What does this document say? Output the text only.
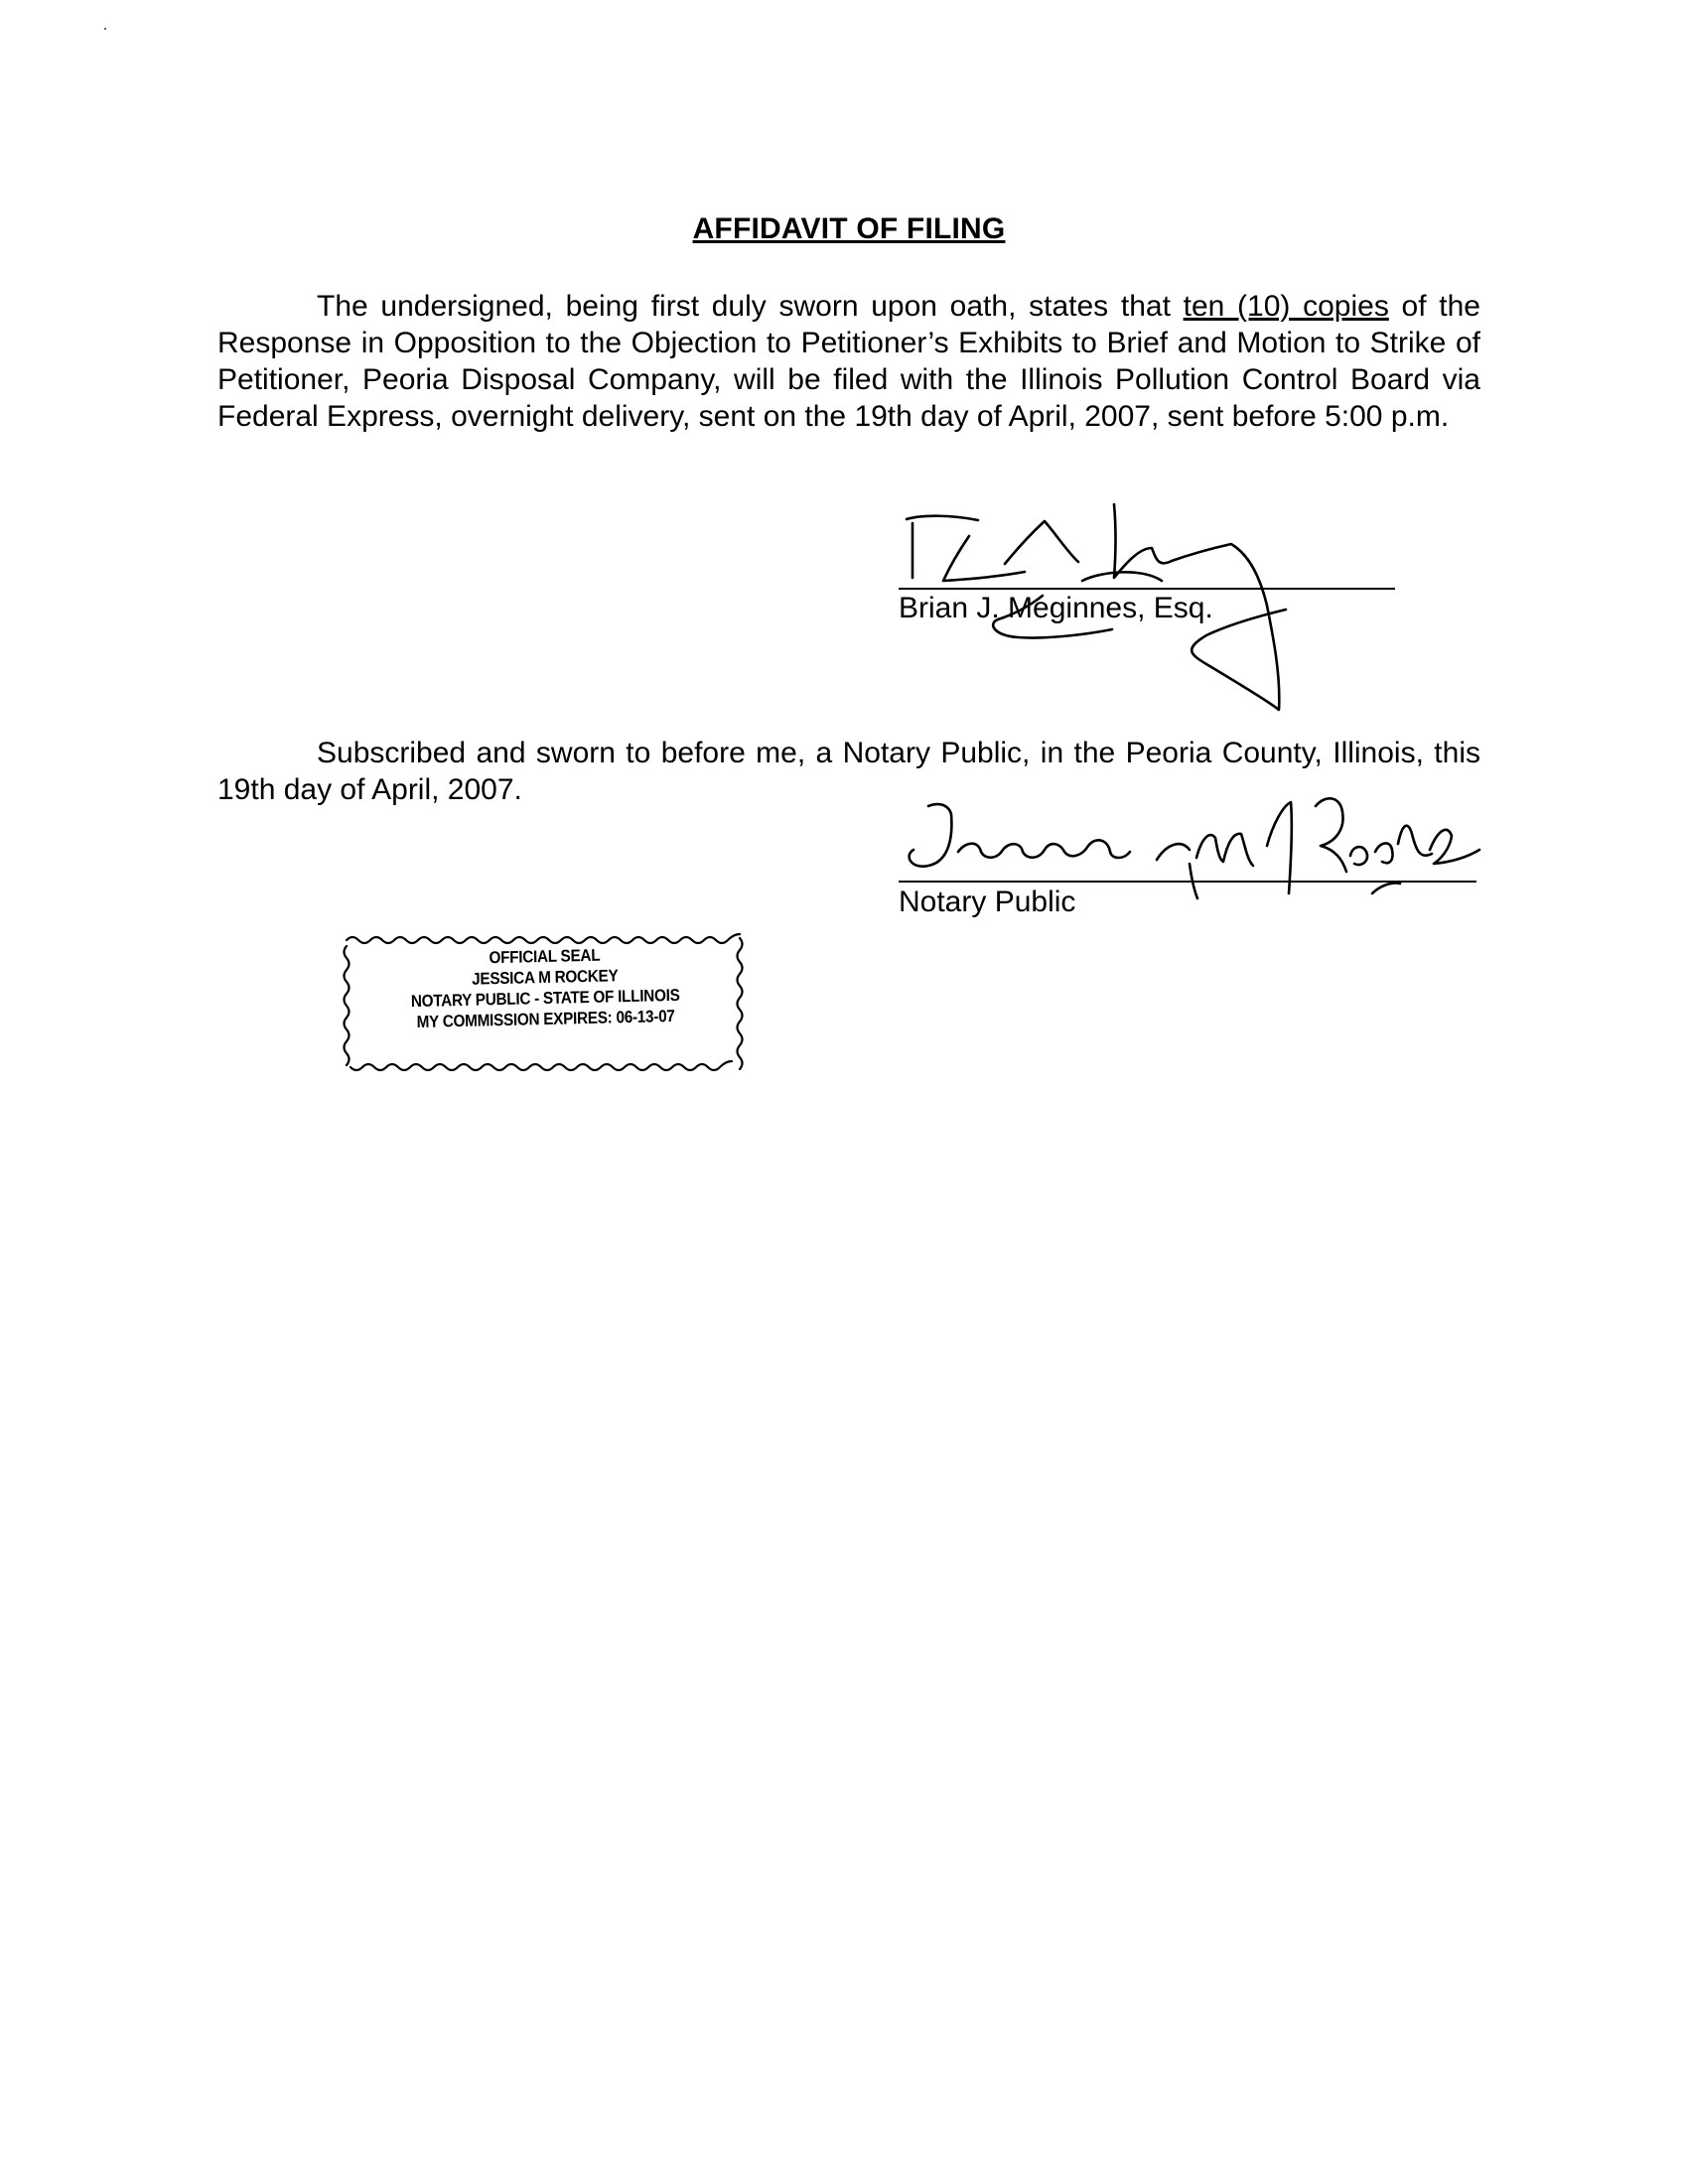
AFFIDAVIT OF FILING
The undersigned, being first duly sworn upon oath, states that ten (10) copies of the Response in Opposition to the Objection to Petitioner’s Exhibits to Brief and Motion to Strike of Petitioner, Peoria Disposal Company, will be filed with the Illinois Pollution Control Board via Federal Express, overnight delivery, sent on the 19th day of April, 2007, sent before 5:00 p.m.
Brian J. Meginnes, Esq.
Subscribed and sworn to before me, a Notary Public, in the Peoria County, Illinois, this 19th day of April, 2007.
Notary Public
OFFICIAL SEAL
JESSICA M ROCKEY
NOTARY PUBLIC - STATE OF ILLINOIS
MY COMMISSION EXPIRES: 06-13-07
